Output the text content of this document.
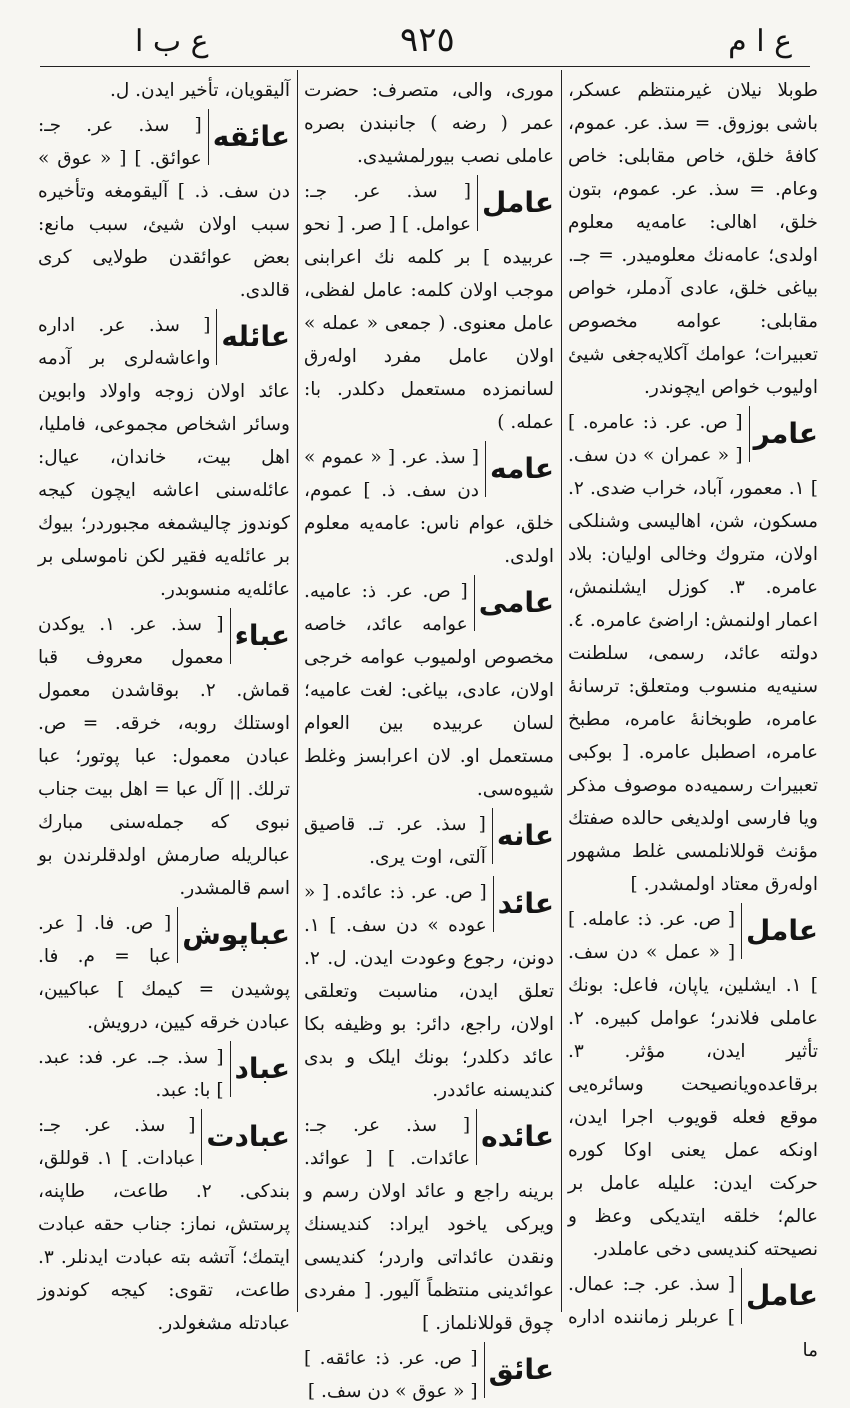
ع ب ا	٩٢٥	ع ا م
طوبلا نیلان غیرمنتظم عسکر، باشی بوزوق. = سذ. عر. عموم، کافهٔ خلق، خاص مقابلی: خاص وعام. = سذ. عر. عموم، بتون خلق، اهالی: عامه‌یه معلوم اولدی؛ عامه‌نك معلومیدر. = جـ. بیاغی خلق، عادی آدملر، خواص مقابلی: عوامه مخصوص تعبیرات؛ عوامك آکلایه‌جغی شیئ اولیوب خواص ایچوندر.
عامر
[ ص. عر. ذ: عامره. ] [ « عمران » دن سف. ] ١. معمور، آباد، خراب ضدی. ٢. مسکون، شن، اهالیسی وشنلکی اولان، متروك وخالی اولیان: بلاد عامره. ٣. کوزل ایشلنمش، اعمار اولنمش: اراضئ عامره. ٤. دولته عائد، رسمی، سلطنت سنیه‌یه منسوب ومتعلق: ترسانهٔ عامره، طوبخانهٔ عامره، مطبخ عامره، اصطبل عامره. [ بوکبی تعبیرات رسمیه‌ده موصوف مذکر ویا فارسی اولدیغی حالده صفتك مؤنث قوللانلمسی غلط مشهور اوله‌رق معتاد اولمشدر. ]
عامل
[ ص. عر. ذ: عامله. ] [ « عمل » دن سف. ] ١. ایشلین، یاپان، فاعل: بونك عاملی فلاندر؛ عوامل کبیره. ٢. تأثیر ایدن، مؤثر. ٣. برقاعده‌ویانصیحت وسائره‌یی موقع فعله قویوب اجرا ایدن، اونکه عمل یعنی اوکا کوره حرکت ایدن: علیله عامل بر عالم؛ خلقه ایتدیکی وعظ و نصیحته کندیسی دخی عاملدر.
عامل
[ سذ. عر. جـ: عمال. ] عربلر زماننده اداره ما
موری، والی، متصرف: حضرت عمر ( رضه ) جانبندن بصره عاملی نصب بیورلمشیدی.
عامل
[ سذ. عر. جـ: عوامل. ] [ صر. [ نحو عربیده ] بر کلمه نك اعرابنی موجب اولان کلمه: عامل لفظی، عامل معنوی. ( جمعی « عمله » اولان عامل مفرد اوله‌رق لسانمزده مستعمل دکلدر. با: عمله. )
عامه
[ سذ. عر. [ « عموم » دن سف. ذ. ] عموم، خلق، عوام ناس: عامه‌یه معلوم اولدی.
عامی
[ ص. عر. ذ: عامیه. عوامه عائد، خاصه مخصوص اولمیوب عوامه خرجی اولان، عادی، بیاغی: لغت عامیه؛ لسان عربیده بین العوام مستعمل او. لان اعرابسز وغلط شیوه‌سی.
عانه
[ سذ. عر. تـ. قاصیق آلتی، اوت یری.
عائد
[ ص. عر. ذ: عائده. [ « عوده » دن سف. ] ١. دونن، رجوع وعودت ایدن. ل. ٢. تعلق ایدن، مناسبت وتعلقی اولان، راجع، دائر: بو وظیفه بکا عائد دکلدر؛ بونك ایلک و بدی کندیسنه عائددر.
عائده
[ سذ. عر. جـ: عائدات. ] [ عوائد. برینه راجع و عائد اولان رسم و ویرکی یاخود ایراد: کندیسنك ونقدن عائداتی واردر؛ کندیسی عوائدینی منتظماً آلیور. [ مفردی چوق قوللانلماز. ]
عائق
[ ص. عر. ذ: عائقه. ] [ « عوق » دن سف. ]
آلیقویان، تأخیر ایدن. ل.
عائقه
[ سذ. عر. جـ: عوائق. ] [ « عوق » دن سف. ذ. ] آلیقومغه وتأخیره سبب اولان شیئ، سبب مانع: بعض عوائقدن طولایی کری قالدی.
عائله
[ سذ. عر. اداره واعاشه‌لری بر آدمه عائد اولان زوجه واولاد وابوین وسائر اشخاص مجموعی، فاملیا، اهل بیت، خاندان، عیال: عائله‌سنی اعاشه ایچون کیجه کوندوز چالیشمغه مجبوردر؛ بیوك بر عائله‌یه فقیر لکن ناموسلی بر عائله‌یه منسوبدر.
عباء
[ سذ. عر. ١. یوکدن معمول معروف قبا قماش. ٢. بوقاشدن معمول اوستلك روبه، خرقه. = ص. عبادن معمول: عبا پوتور؛ عبا ترلك. || آل عبا = اهل بیت جناب نبوی که جمله‌سنی مبارك عبالریله صارمش اولدقلرندن بو اسم قالمشدر.
عباپوش
[ ص. فا. [ عر. عبا = م. فا. پوشیدن = کیمك ] عباکیین، عبادن خرقه کیین، درویش.
عباد
[ سذ. جـ. عر. فد: عبد. ] با: عبد.
عبادت
[ سذ. عر. جـ: عبادات. ] ١. قوللق، بندکی. ٢. طاعت، طاپنه، پرستش، نماز: جناب حقه عبادت ایتمك؛ آتشه بته عبادت ایدنلر. ٣. طاعت، تقوی: کیجه کوندوز عبادتله مشغولدر.
